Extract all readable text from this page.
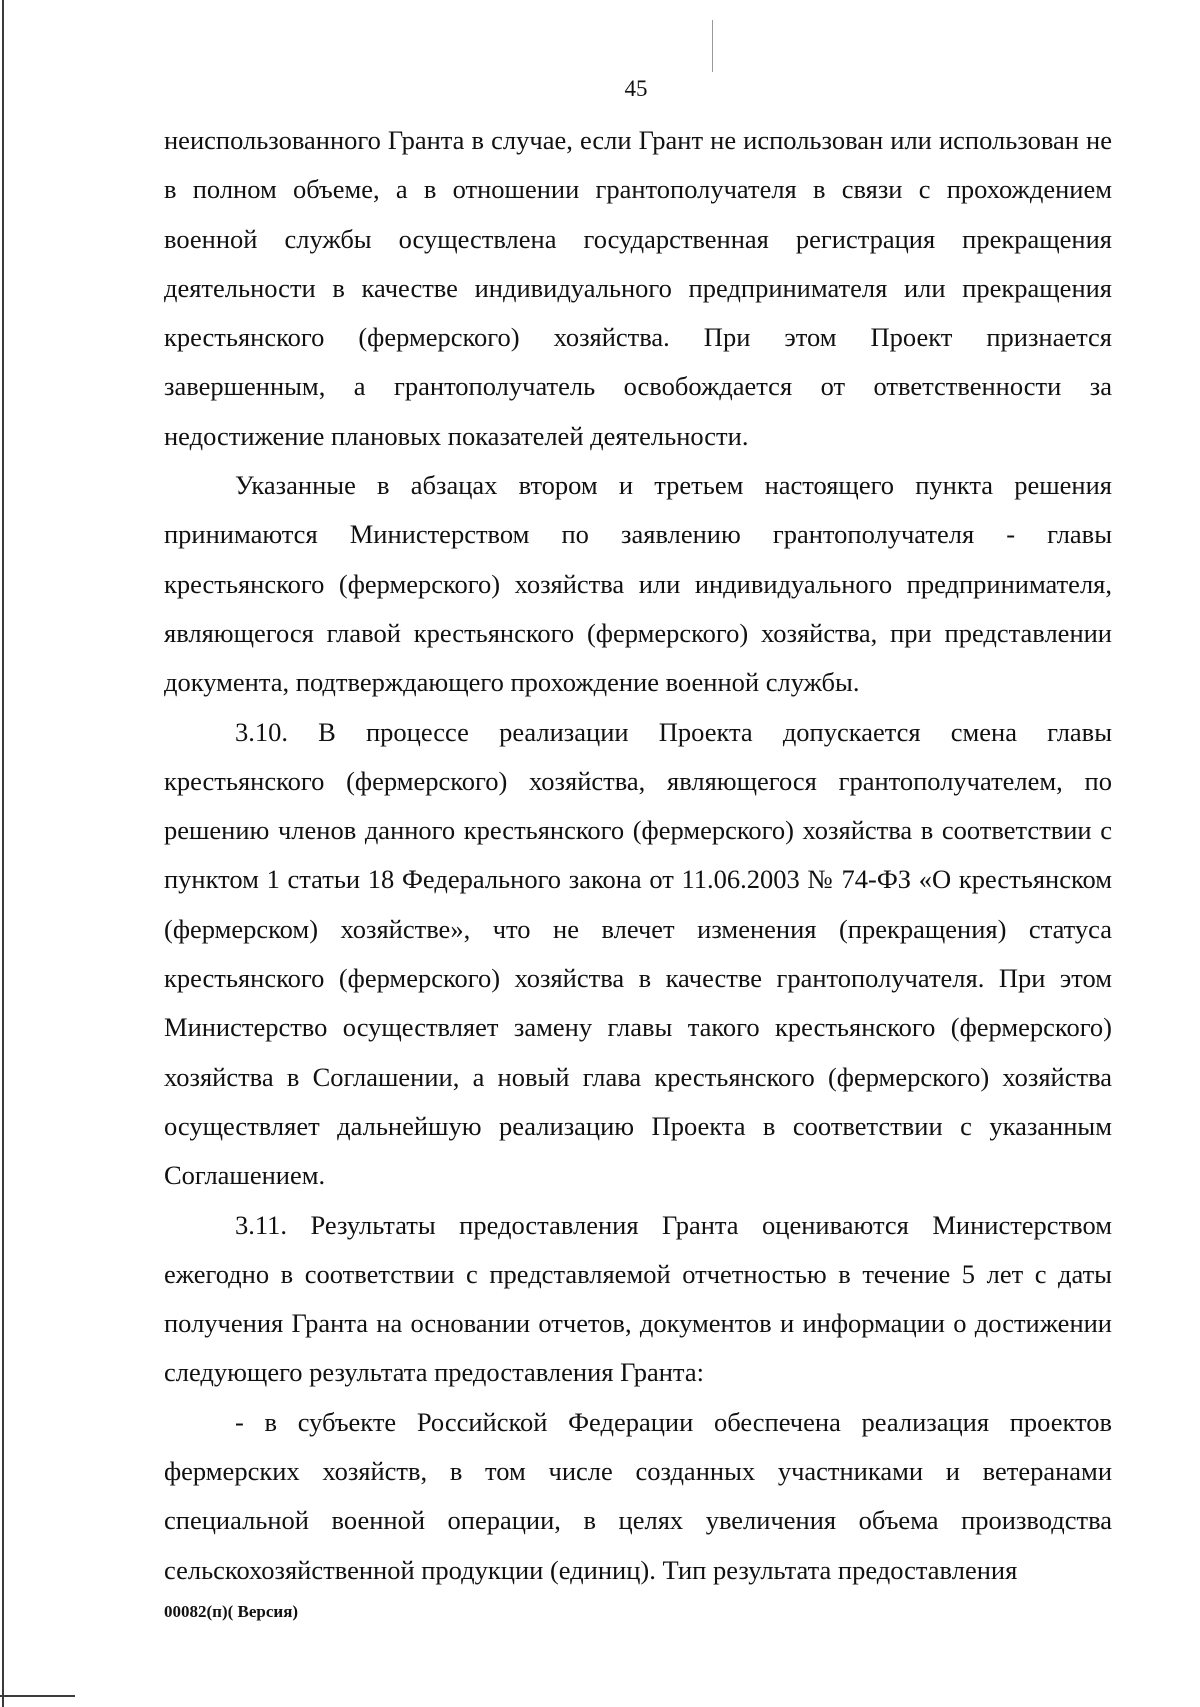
45

неиспользованного Гранта в случае, если Грант не использован или использован не в полном объеме, а в отношении грантополучателя в связи с прохождением военной службы осуществлена государственная регистрация прекращения деятельности в качестве индивидуального предпринимателя или прекращения крестьянского (фермерского) хозяйства. При этом Проект признается завершенным, а грантополучатель освобождается от ответственности за недостижение плановых показателей деятельности.

Указанные в абзацах втором и третьем настоящего пункта решения принимаются Министерством по заявлению грантополучателя - главы крестьянского (фермерского) хозяйства или индивидуального предпринимателя, являющегося главой крестьянского (фермерского) хозяйства, при представлении документа, подтверждающего прохождение военной службы.

3.10. В процессе реализации Проекта допускается смена главы крестьянского (фермерского) хозяйства, являющегося грантополучателем, по решению членов данного крестьянского (фермерского) хозяйства в соответствии с пунктом 1 статьи 18 Федерального закона от 11.06.2003 № 74-ФЗ «О крестьянском (фермерском) хозяйстве», что не влечет изменения (прекращения) статуса крестьянского (фермерского) хозяйства в качестве грантополучателя. При этом Министерство осуществляет замену главы такого крестьянского (фермерского) хозяйства в Соглашении, а новый глава крестьянского (фермерского) хозяйства осуществляет дальнейшую реализацию Проекта в соответствии с указанным Соглашением.

3.11. Результаты предоставления Гранта оцениваются Министерством ежегодно в соответствии с представляемой отчетностью в течение 5 лет с даты получения Гранта на основании отчетов, документов и информации о достижении следующего результата предоставления Гранта:

- в субъекте Российской Федерации обеспечена реализация проектов фермерских хозяйств, в том числе созданных участниками и ветеранами специальной военной операции, в целях увеличения объема производства сельскохозяйственной продукции (единиц). Тип результата предоставления

00082(п)( Версия)
